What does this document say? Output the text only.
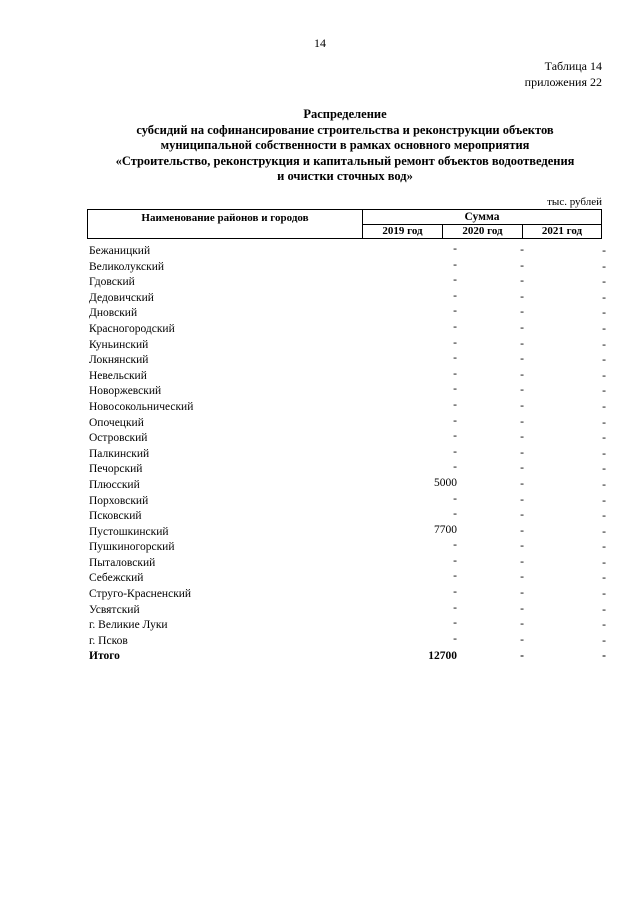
14
Таблица 14
приложения 22
Распределение
субсидий на софинансирование строительства и реконструкции объектов
муниципальной собственности в рамках основного мероприятия
«Строительство, реконструкция и капитальный ремонт объектов водоотведения
и очистки сточных вод»
тыс. рублей
Наименование районов и городов	Сумма
2019 год	2020 год	2021 год
Бежаницкий	-	-	-
Великолукский	-	-	-
Гдовский	-	-	-
Дедовичский	-	-	-
Дновский	-	-	-
Красногородский	-	-	-
Куньинский	-	-	-
Локнянский	-	-	-
Невельский	-	-	-
Новоржевский	-	-	-
Новосокольнический	-	-	-
Опочецкий	-	-	-
Островский	-	-	-
Палкинский	-	-	-
Печорский	-	-	-
Плюсский	5000	-	-
Порховский	-	-	-
Псковский	-	-	-
Пустошкинский	7700	-	-
Пушкиногорский	-	-	-
Пыталовский	-	-	-
Себежский	-	-	-
Струго-Красненский	-	-	-
Усвятский	-	-	-
г. Великие Луки	-	-	-
г. Псков	-	-	-
Итого	12700	-	-
